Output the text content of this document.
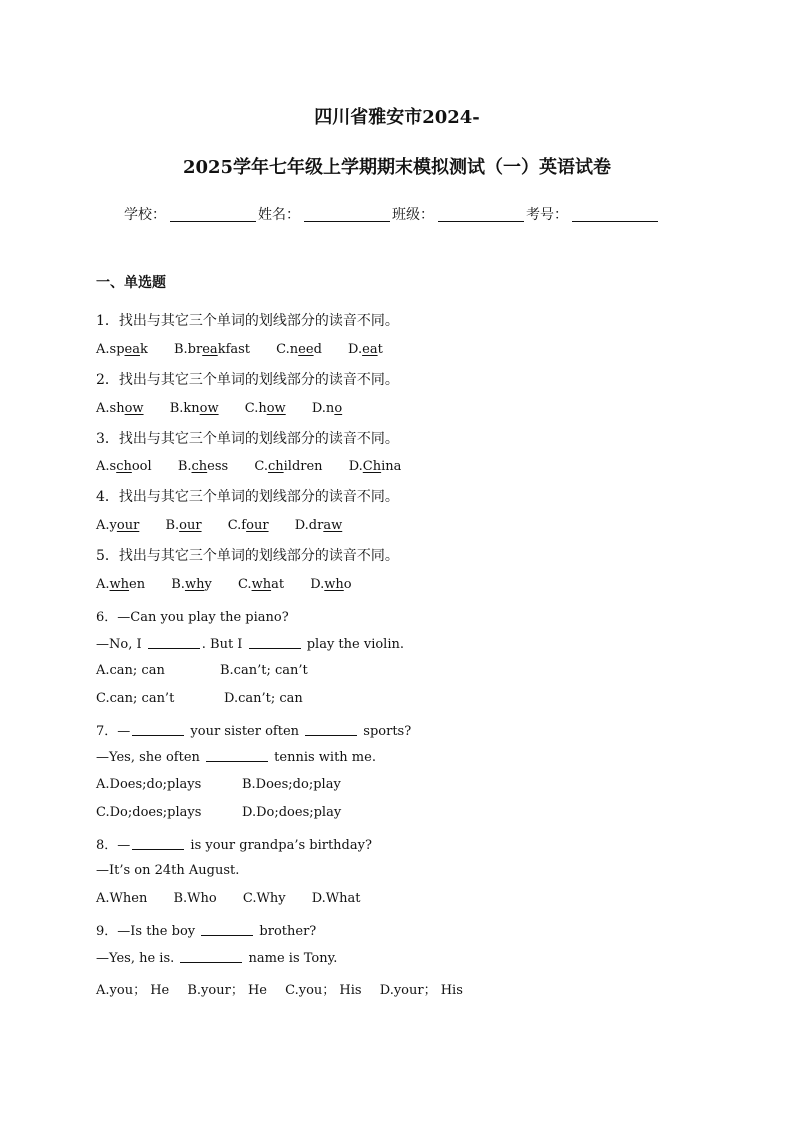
四川省雅安市2024-
2025学年七年级上学期期末模拟测试（一）英语试卷
学校：	姓名：	班级：	考号：
一、单选题
1．找出与其它三个单词的划线部分的读音不同。
A.speak B.breakfast C.need D.eat
2．找出与其它三个单词的划线部分的读音不同。
A.show B.know C.how D.no
3．找出与其它三个单词的划线部分的读音不同。
A.school B.chess C.children D.China
4．找出与其它三个单词的划线部分的读音不同。
A.your B.our C.four D.draw
5．找出与其它三个单词的划线部分的读音不同。
A.when B.why C.what D.who
6．—Can you play the piano?
—No, I	. But I	play the violin.
A.can; can	B.can’t; can’t
C.can; can’t	D.can’t; can
7．—	your sister often	sports?
—Yes, she often	tennis with me.
A.Does;do;plays	B.Does;do;play
C.Do;does;plays	D.Do;does;play
8．—	is your grandpa’s birthday?
—It’s on 24th August.
A.When B.Who C.Why D.What
9．—Is the boy	brother?
—Yes, he is.	name is Tony.
A.you； He B.your； He C.you； His D.your； His
